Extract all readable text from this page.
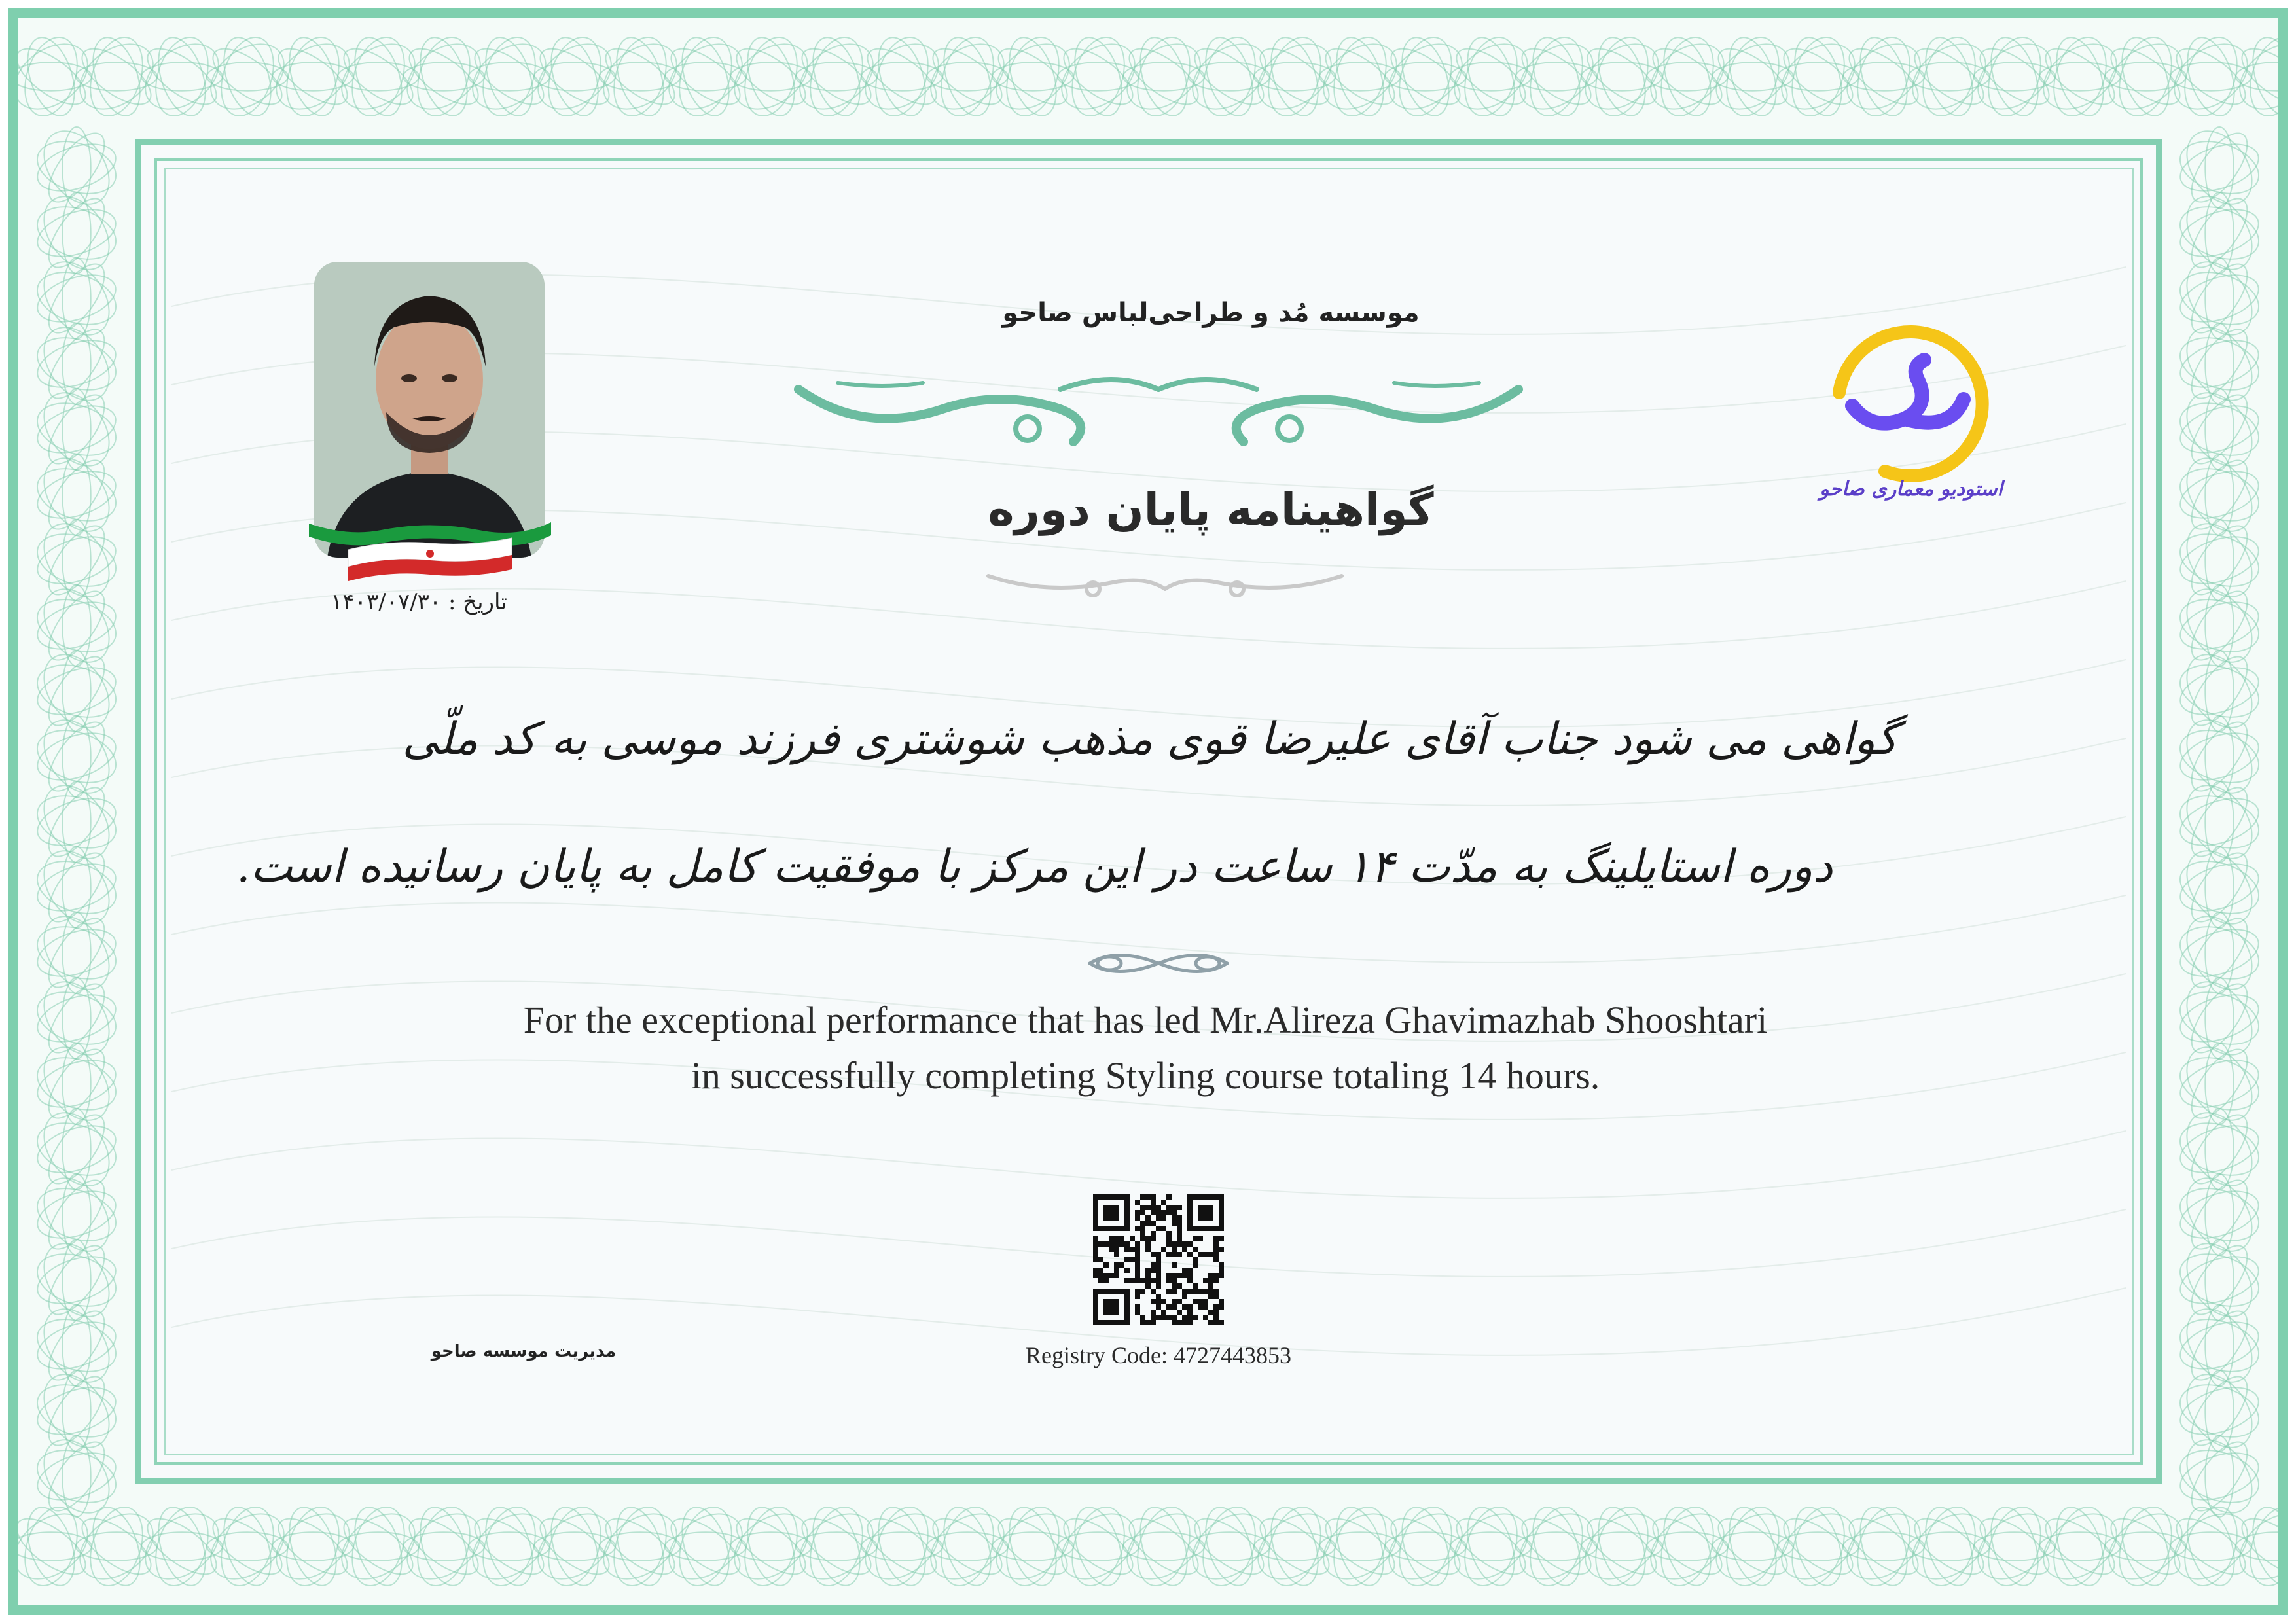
تاریخ : ۱۴۰۳/۰۷/۳۰
موسسه مُد و طراحی‌لباس صاحو
گواهینامه پایان دوره	استودیو معماری صاحو
گواهی می شود جناب آقای علیرضا قوی مذهب شوشتری فرزند موسی به کد ملّی
دوره استایلینگ به مدّت ۱۴ ساعت در این مرکز با موفقیت کامل به پایان رسانیده است.
For the exceptional performance that has led Mr.Alireza Ghavimazhab Shooshtari
in successfully completing Styling course totaling 14 hours.
Registry Code: 4727443853
مدیریت موسسه صاحو
